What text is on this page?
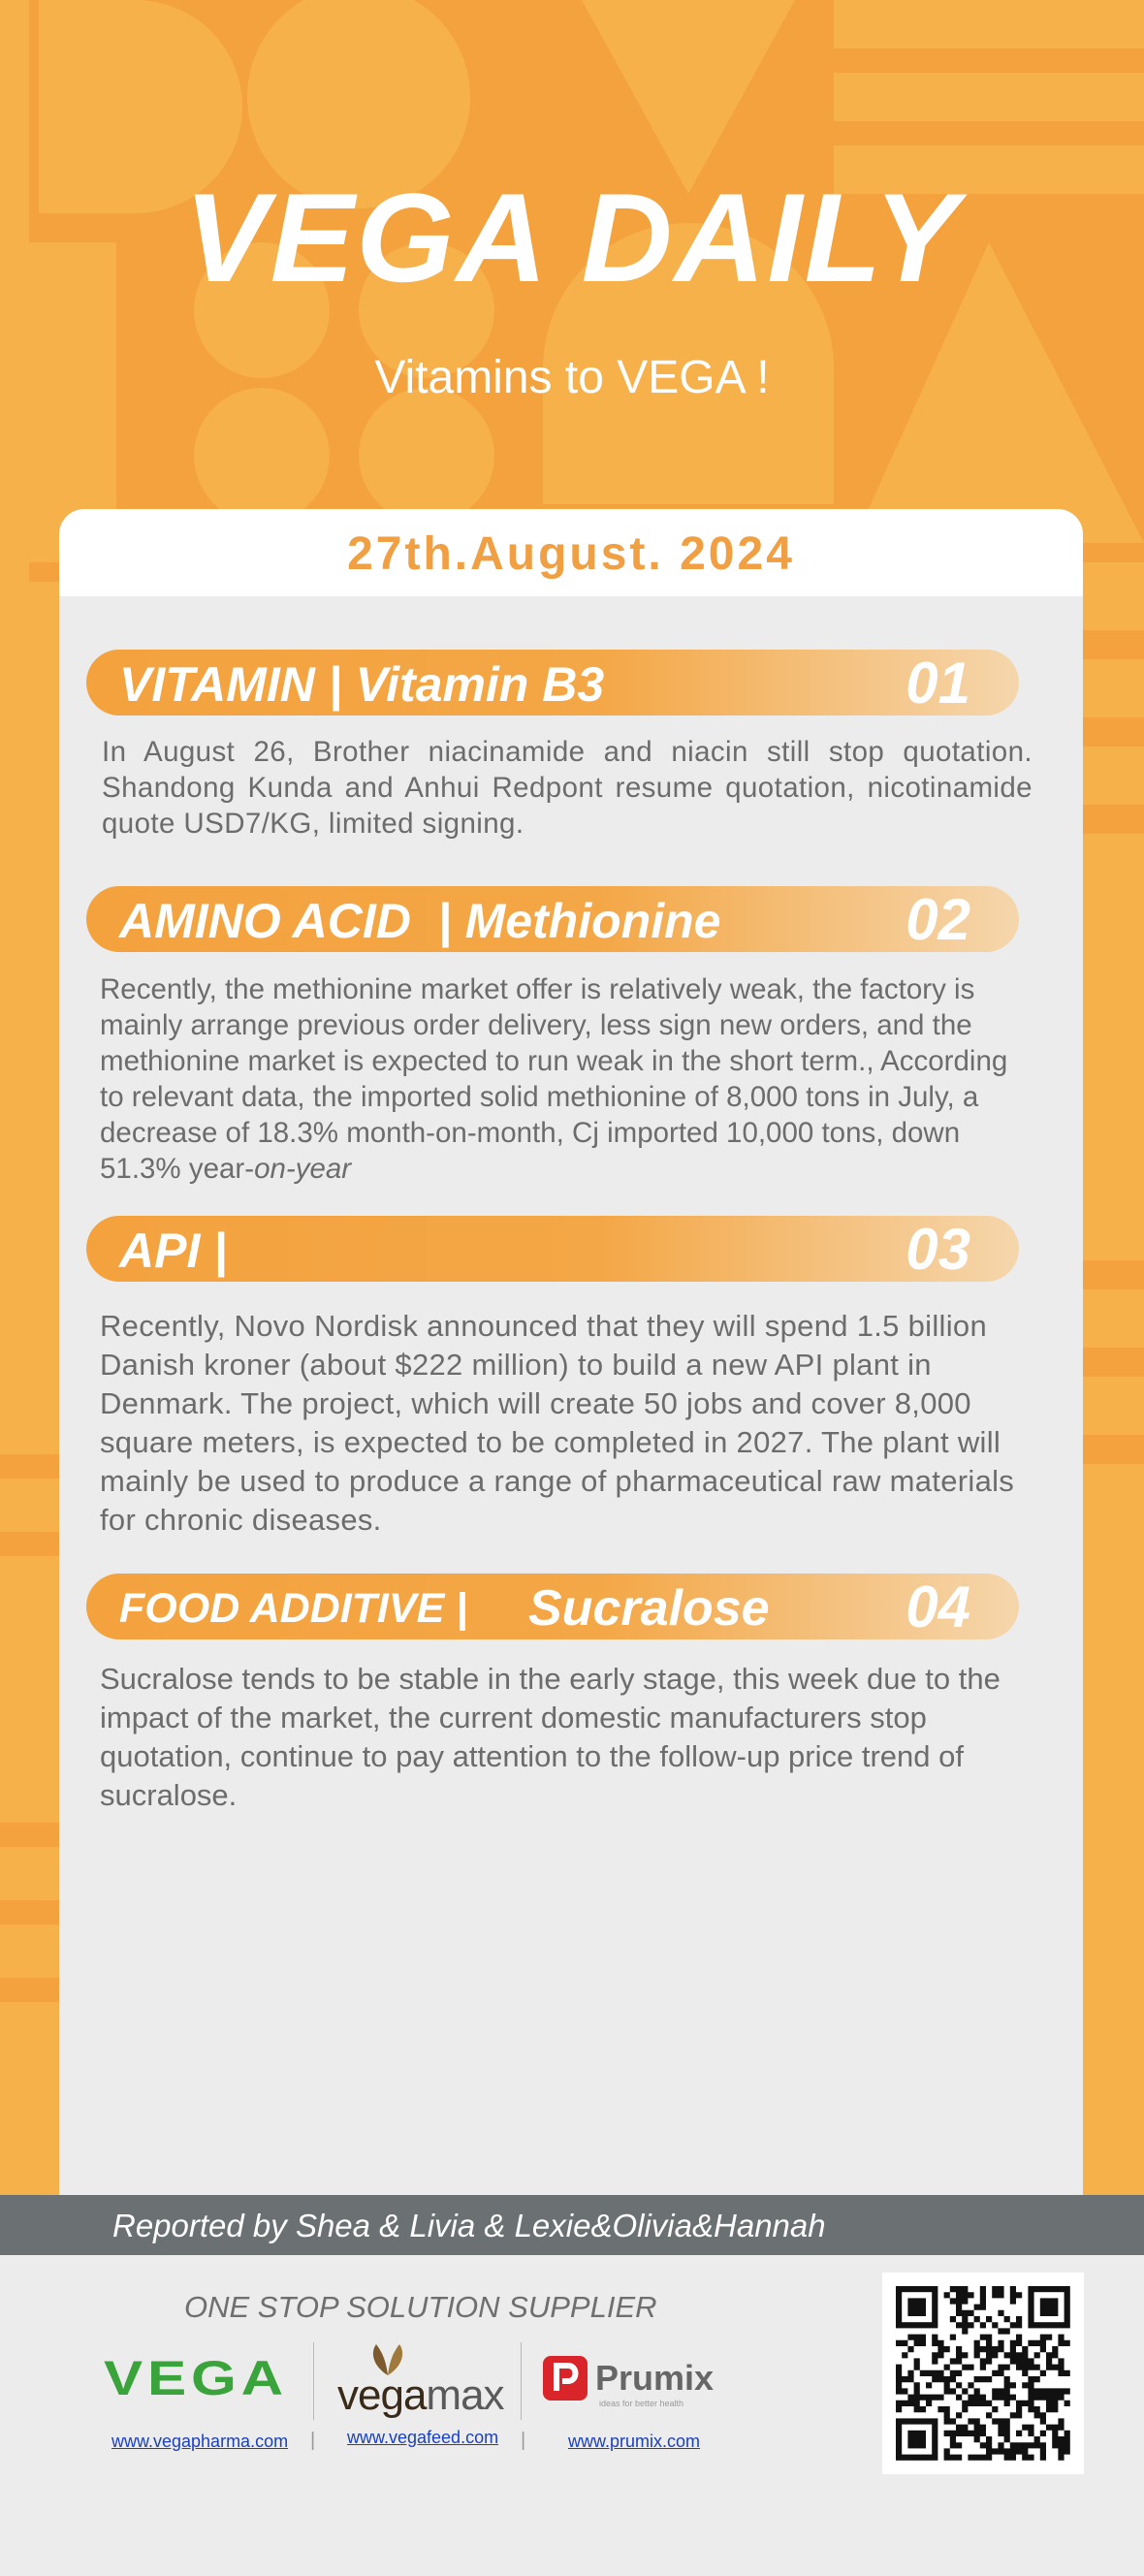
VEGA DAILY
Vitamins to VEGA !
27th.August. 2024
VITAMIN | Vitamin B3	01

In August 26, Brother niacinamide and niacin still stop quotation. Shandong Kunda and Anhui Redpont resume quotation, nicotinamide quote USD7/KG, limited signing.

AMINO ACID  | Methionine	02

Recently, the methionine market offer is relatively weak, the factory is mainly arrange previous order delivery, less sign new orders, and the methionine market is expected to run weak in the short term., According to relevant data, the imported solid methionine of 8,000 tons in July, a decrease of 18.3% month-on-month, Cj imported 10,000 tons, down 51.3% year-on-year

API |	03

Recently, Novo Nordisk announced that they will spend 1.5 billion Danish kroner (about $222 million) to build a new API plant in Denmark. The project, which will create 50 jobs and cover 8,000 square meters, is expected to be completed in 2027. The plant will mainly be used to produce a range of pharmaceutical raw materials for chronic diseases.

FOOD ADDITIVE | Sucralose 04

Sucralose tends to be stable in the early stage, this week due to the impact of the market, the current domestic manufacturers stop quotation, continue to pay attention to the follow-up price trend of sucralose.

Reported by Shea & Livia & Lexie&Olivia&Hannah
ONE STOP SOLUTION SUPPLIER
VEGA vegamax	Prumix
ideas for better health
www.vegapharma.com | www.vegafeed.com | www.prumix.com
